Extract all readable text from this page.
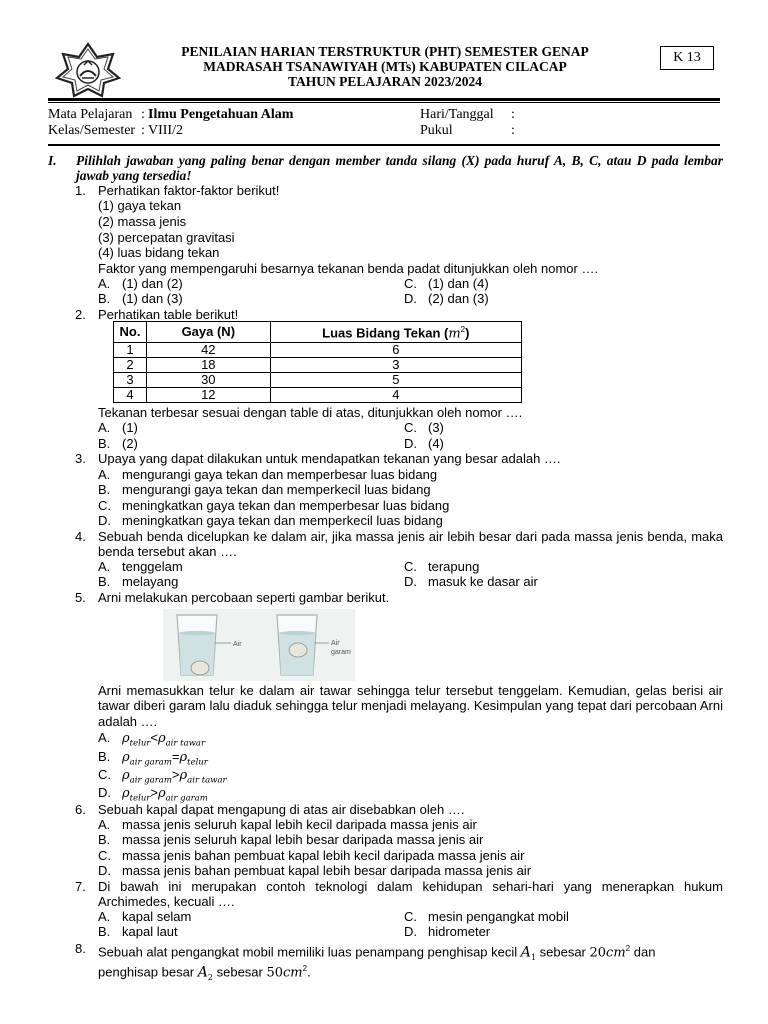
PENILAIAN HARIAN TERSTRUKTUR (PHT) SEMESTER GENAP
MADRASAH TSANAWIYAH (MTs) KABUPATEN CILACAP
TAHUN PELAJARAN 2023/2024
K 13
Mata Pelajaran : Ilmu Pengetahuan Alam
Kelas/Semester : VIII/2
Hari/Tanggal :
Pukul	:
I. Pilihlah jawaban yang paling benar dengan member tanda silang (X) pada huruf A, B, C, atau D pada lembar jawab yang tersedia!
1. Perhatikan faktor-faktor berikut!
(1) gaya tekan
(2) massa jenis
(3) percepatan gravitasi
(4) luas bidang tekan
Faktor yang mempengaruhi besarnya tekanan benda padat ditunjukkan oleh nomor ….
A. (1) dan (2)
B. (1) dan (3)
C. (1) dan (4)
D. (2) dan (3)
2. Perhatikan table berikut!
No.	Gaya (N)	Luas Bidang Tekan $(m^2)$
1	42	6
2	18	3
3	30	5
4	12	4
Tekanan terbesar sesuai dengan table di atas, ditunjukkan oleh nomor ….
A. (1)
B. (2)
C. (3)
D. (4)
3. Upaya yang dapat dilakukan untuk mendapatkan tekanan yang besar adalah ….
A. mengurangi gaya tekan dan memperbesar luas bidang
B. mengurangi gaya tekan dan memperkecil luas bidang
C. meningkatkan gaya tekan dan memperbesar luas bidang
D. meningkatkan gaya tekan dan memperkecil luas bidang
4. Sebuah benda dicelupkan ke dalam air, jika massa jenis air lebih besar dari pada massa jenis benda, maka benda tersebut akan ….
A. tenggelam
B. melayang
C. terapung
D. masuk ke dasar air
5. Arni melakukan percobaan seperti gambar berikut.
Air	Air
garam
Arni memasukkan telur ke dalam air tawar sehingga telur tersebut tenggelam. Kemudian, gelas berisi air tawar diberi garam lalu diaduk sehingga telur menjadi melayang. Kesimpulan yang tepat dari percobaan Arni adalah ….
A. $\rho_{telur}<\rho_{air tawar}$
B. $\rho_{air garam}=\rho_{telur}$
C. $\rho_{air garam}>\rho_{air tawar}$
D. $\rho_{telur}>\rho_{air garam}$
6. Sebuah kapal dapat mengapung di atas air disebabkan oleh ….
A. massa jenis seluruh kapal lebih kecil daripada massa jenis air
B. massa jenis seluruh kapal lebih besar daripada massa jenis air
C. massa jenis bahan pembuat kapal lebih kecil daripada massa jenis air
D. massa jenis bahan pembuat kapal lebih besar daripada massa jenis air
7. Di bawah ini merupakan contoh teknologi dalam kehidupan sehari-hari yang menerapkan hukum Archimedes, kecuali ….
A. kapal selam
B. kapal laut
C. mesin pengangkat mobil
D. hidrometer
8. Sebuah alat pengangkat mobil memiliki luas penampang penghisap kecil $A_1$ sebesar $20cm^2$ dan
penghisap besar $A_2$ sebesar $50cm^2$.
